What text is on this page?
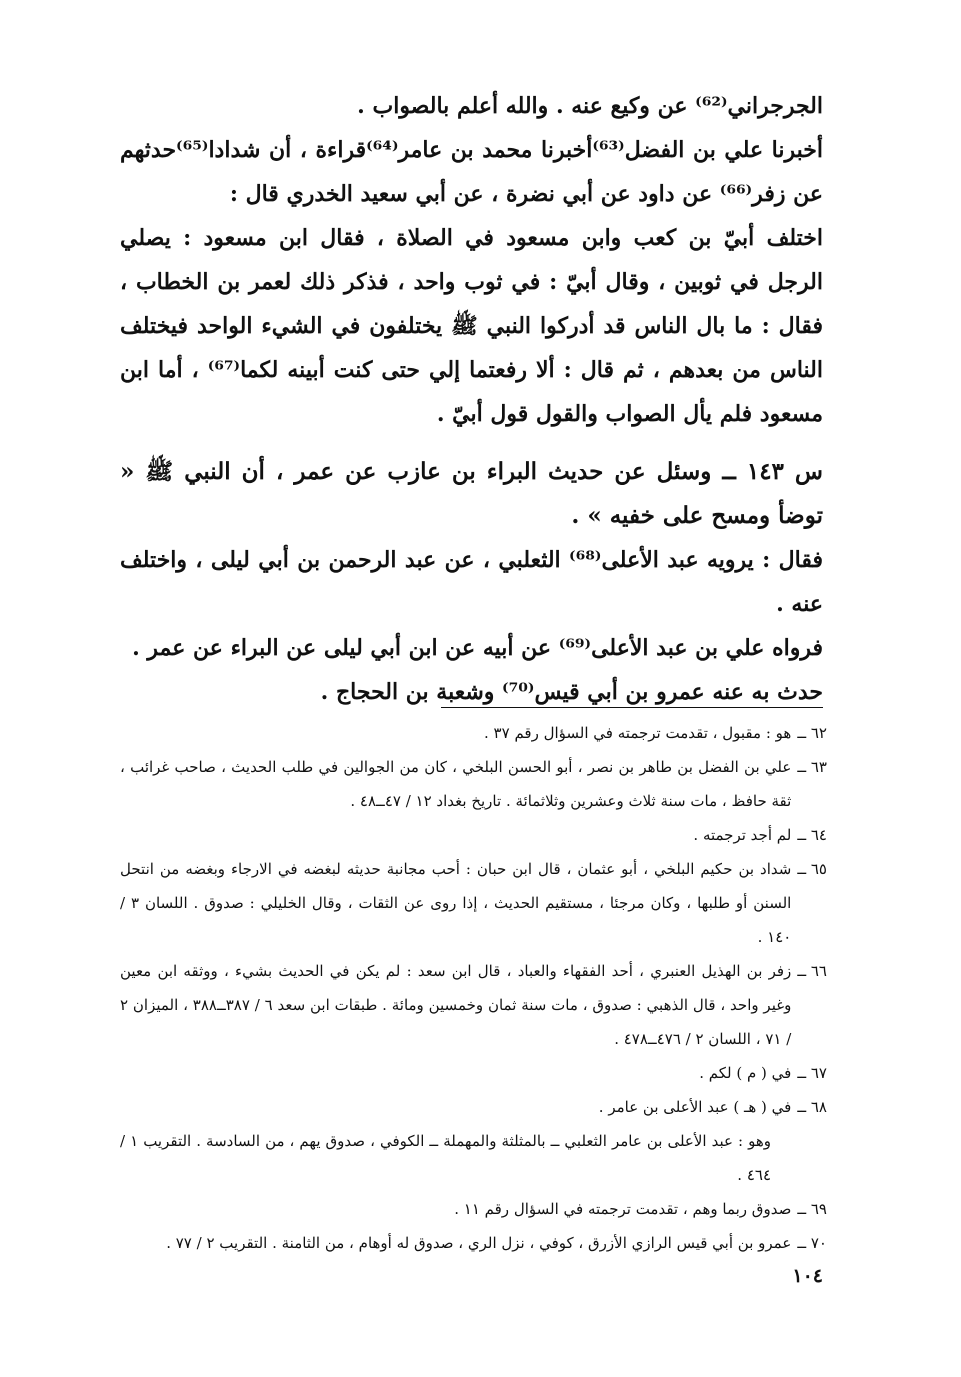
الجرجراني⁽⁶²⁾ عن وكيع عنه . والله أعلم بالصواب .

أخبرنا علي بن الفضل⁽⁶³⁾أخبرنا محمد بن عامر⁽⁶⁴⁾قراءة ، أن شدادا⁽⁶⁵⁾حدثهم عن زفر⁽⁶⁶⁾ عن داود عن أبي نضرة ، عن أبي سعيد الخدري قال :

اختلف أبيّ بن كعب وابن مسعود في الصلاة ، فقال ابن مسعود : يصلي الرجل في ثوبين ، وقال أبيّ : في ثوب واحد ، فذكر ذلك لعمر بن الخطاب ، فقال : ما بال الناس قد أدركوا النبي ﷺ يختلفون في الشيء الواحد فيختلف الناس من بعدهم ، ثم قال : ألا رفعتما إلي حتى كنت أبينه لكما⁽⁶⁷⁾ ، أما ابن مسعود فلم يأل الصواب والقول قول أبيّ .

س ١٤٣ ــ وسئل عن حديث البراء بن عازب عن عمر ، أن النبي ﷺ « توضأ ومسح على خفيه » .

فقال : يرويه عبد الأعلى⁽⁶⁸⁾ الثعلبي ، عن عبد الرحمن بن أبي ليلى ، واختلف عنه .

فرواه علي بن عبد الأعلى⁽⁶⁹⁾ عن أبيه عن ابن أبي ليلى عن البراء عن عمر .

حدث به عنه عمرو بن أبي قيس⁽⁷⁰⁾ وشعبة بن الحجاج .

٦٢ ــ
هو : مقبول ، تقدمت ترجمته في السؤال رقم ٣٧ .
٦٣ ــ
علي بن الفضل بن طاهر بن نصر ، أبو الحسن البلخي ، كان من الجوالين في طلب الحديث ، صاحب غرائب ، ثقة حافظ ، مات سنة ثلاث وعشرين وثلاثمائة . تاريخ بغداد ١٢ / ٤٧ــ٤٨ .
٦٤ ــ
لم أجد ترجمته .
٦٥ ــ
شداد بن حكيم البلخي ، أبو عثمان ، قال ابن حبان : أحب مجانبة حديثه لبغضه في الارجاء وبغضه من انتحل السنن أو طلبها ، وكان مرجئا ، مستقيم الحديث ، إذا روى عن الثقات ، وقال الخليلي : صدوق . اللسان ٣ / ١٤٠ .
٦٦ ــ
زفر بن الهذيل العنبري ، أحد الفقهاء والعباد ، قال ابن سعد : لم يكن في الحديث بشيء ، ووثقه ابن معين وغير واحد ، قال الذهبي : صدوق ، مات سنة ثمان وخمسين ومائة . طبقات ابن سعد ٦ / ٣٨٧ــ٣٨٨ ، الميزان ٢ / ٧١ ، اللسان ٢ / ٤٧٦ــ٤٧٨ .
٦٧ ــ
في ( م ) لكم .
٦٨ ــ
في ( هـ ) عبد الأعلى بن عامر .
وهو : عبد الأعلى بن عامر الثعلبي ــ بالمثلثة والمهملة ــ الكوفي ، صدوق يهم ، من السادسة . التقريب ١ / ٤٦٤ .
٦٩ ــ
صدوق ربما وهم ، تقدمت ترجمته في السؤال رقم ١١ .
٧٠ ــ
عمرو بن أبي قيس الرازي الأزرق ، كوفي ، نزل الري ، صدوق له أوهام ، من الثامنة . التقريب ٢ / ٧٧ .
١٠٤
